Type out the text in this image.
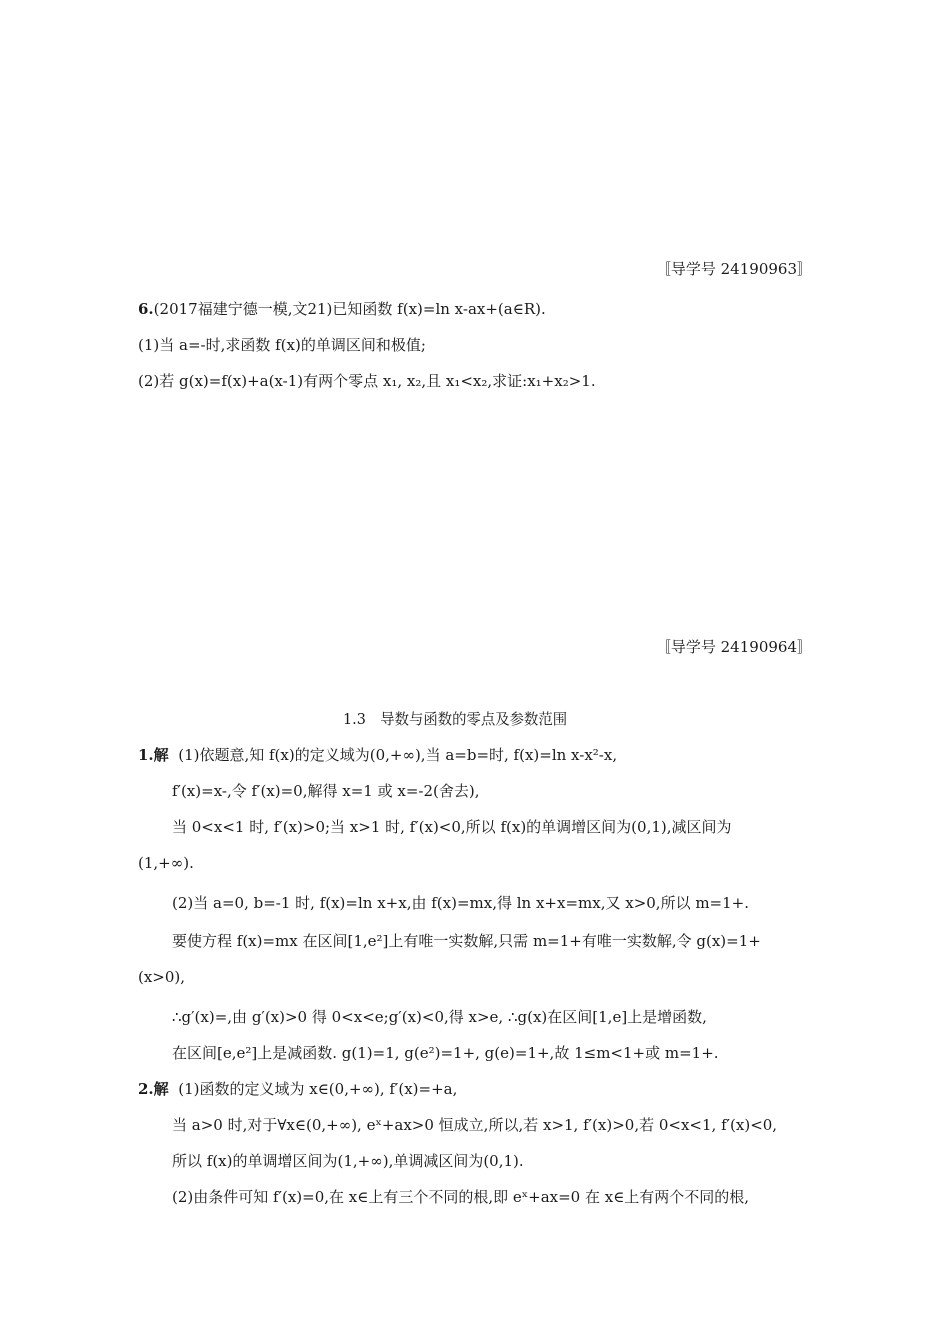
〚导学号 24190963〛
6.(2017福建宁德一模,文21)已知函数 f(x)=ln x-ax+(a∈R).
(1)当 a=-时,求函数 f(x)的单调区间和极值;
(2)若 g(x)=f(x)+a(x-1)有两个零点 x₁, x₂,且 x₁<x₂,求证:x₁+x₂>1.
〚导学号 24190964〛
1.3　导数与函数的零点及参数范围
1.解 (1)依题意,知 f(x)的定义域为(0,+∞),当 a=b=时, f(x)=ln x-x²-x,
f′(x)=x-,令 f′(x)=0,解得 x=1 或 x=-2(舍去),
当 0<x<1 时, f′(x)>0;当 x>1 时, f′(x)<0,所以 f(x)的单调增区间为(0,1),减区间为
(1,+∞).
(2)当 a=0, b=-1 时, f(x)=ln x+x,由 f(x)=mx,得 ln x+x=mx,又 x>0,所以 m=1+.
要使方程 f(x)=mx 在区间[1,e²]上有唯一实数解,只需 m=1+有唯一实数解,令 g(x)=1+
(x>0),
∴g′(x)=,由 g′(x)>0 得 0<x<e;g′(x)<0,得 x>e, ∴g(x)在区间[1,e]上是增函数,
在区间[e,e²]上是减函数. g(1)=1, g(e²)=1+, g(e)=1+,故 1≤m<1+或 m=1+.
2.解 (1)函数的定义域为 x∈(0,+∞), f′(x)=+a,
当 a>0 时,对于∀x∈(0,+∞), eˣ+ax>0 恒成立,所以,若 x>1, f′(x)>0,若 0<x<1, f′(x)<0,
所以 f(x)的单调增区间为(1,+∞),单调减区间为(0,1).
(2)由条件可知 f′(x)=0,在 x∈上有三个不同的根,即 eˣ+ax=0 在 x∈上有两个不同的根,
